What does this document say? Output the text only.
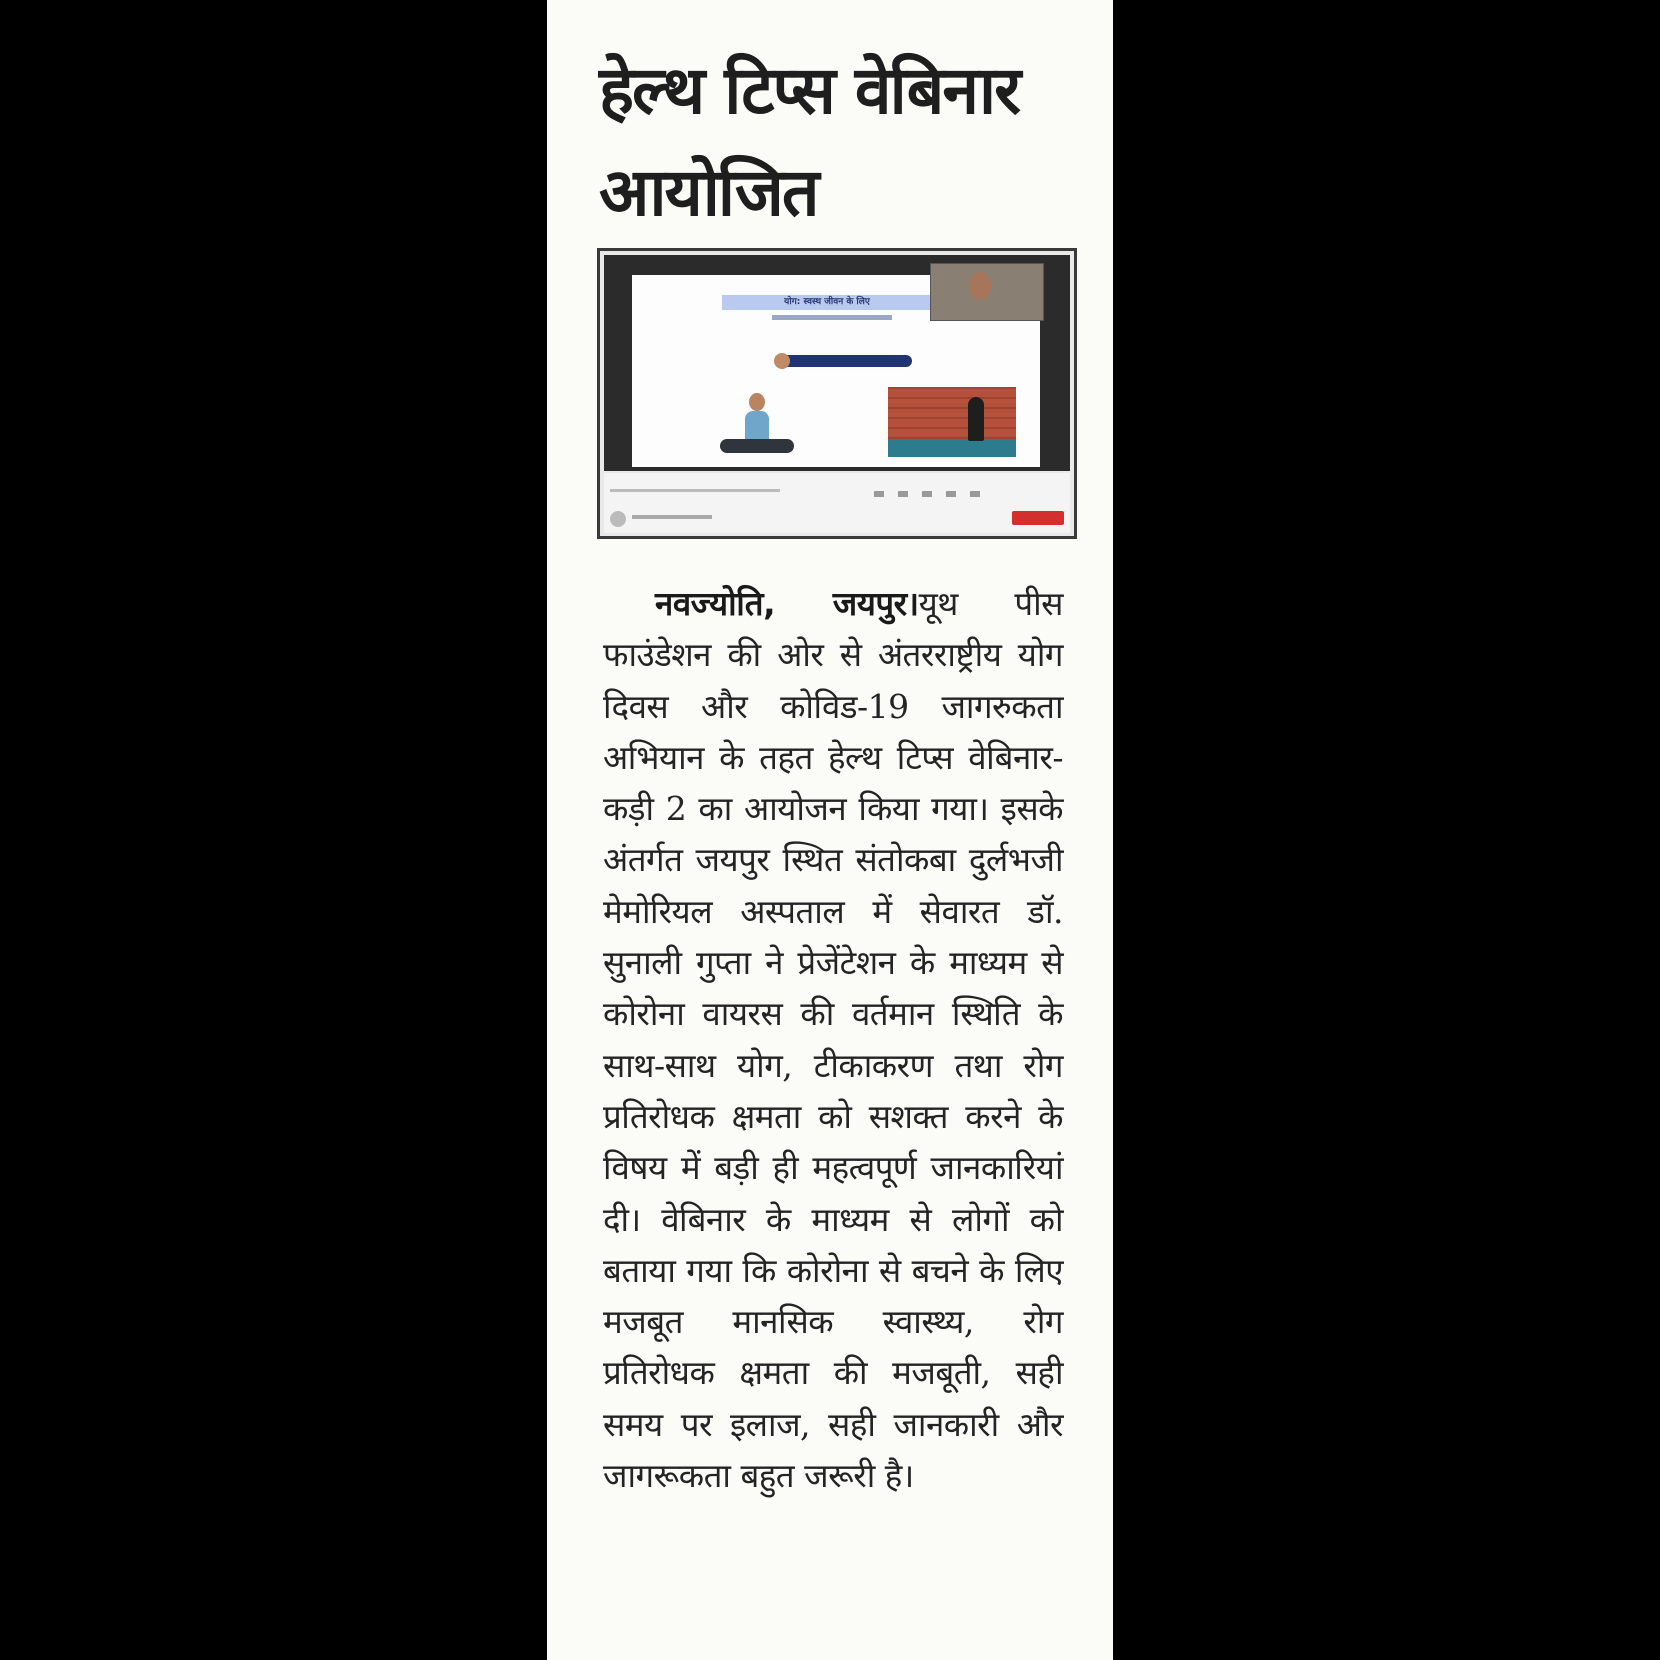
हेल्थ टिप्स वेबिनार आयोजित
योग: स्वस्थ जीवन के लिए

नवज्योति, जयपुर।यूथ पीस फाउंडेशन की ओर से अंतरराष्ट्रीय योग दिवस और कोविड-19 जागरुकता अभियान के तहत हेल्थ टिप्स वेबिनार-कड़ी 2 का आयोजन किया गया। इसके अंतर्गत जयपुर स्थित संतोकबा दुर्लभजी मेमोरियल अस्पताल में सेवारत डॉ. सुनाली गुप्ता ने प्रेजेंटेशन के माध्यम से कोरोना वायरस की वर्तमान स्थिति के साथ-साथ योग, टीकाकरण तथा रोग प्रतिरोधक क्षमता को सशक्त करने के विषय में बड़ी ही महत्वपूर्ण जानकारियां दी। वेबिनार के माध्यम से लोगों को बताया गया कि कोरोना से बचने के लिए मजबूत मानसिक स्वास्थ्य, रोग प्रतिरोधक क्षमता की मजबूती, सही समय पर इलाज, सही जानकारी और जागरूकता बहुत जरूरी है।
